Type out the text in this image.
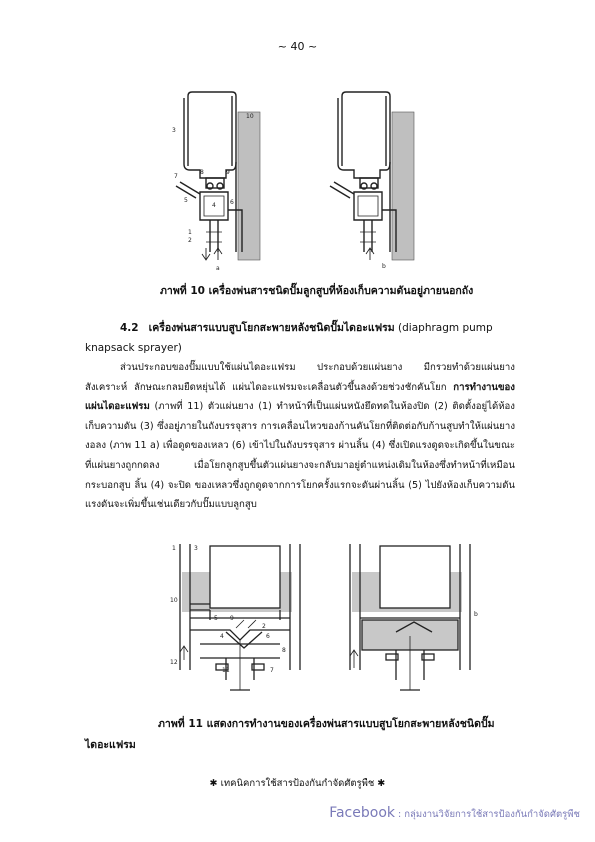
~ 40 ~
10
3
8	9
7
5	6
4
1
2
a	b
ภาพที่ 10 เครื่องพ่นสารชนิดปั๊มลูกสูบที่ห้องเก็บความดันอยู่ภายนอกถัง
4.2 เครื่องพ่นสารแบบสูบโยกสะพายหลังชนิดปั๊มไดอะแฟรม (diaphragm pump knapsack sprayer)
ส่วนประกอบของปั๊มแบบใช้แผ่นไดอะแฟรม ประกอบด้วยแผ่นยาง มีกรวยทำด้วยแผ่นยางสังเคราะห์ ลักษณะกลมยืดหยุ่นได้ แผ่นไดอะแฟรมจะเคลื่อนตัวขึ้นลงด้วยช่วงชักคันโยก การทำงานของแผ่นไดอะแฟรม (ภาพที่ 11) ตัวแผ่นยาง (1) ทำหน้าที่เป็นแผ่นหนังยึดทดในห้องปิด (2) ติดตั้งอยู่ได้ห้องเก็บความดัน (3) ซึ่งอยู่ภายในถังบรรจุสาร การเคลื่อนไหวของก้านคันโยกที่ติดต่อกับก้านสูบทำให้แผ่นยางงอลง (ภาพ 11 a) เพื่อดูดของเหลว (6) เข้าไปในถังบรรจุสาร ผ่านลิ้น (4) ซึ่งเปิดแรงดูดจะเกิดขึ้นในขณะที่แผ่นยางถูกกดลง เมื่อโยกลูกสูบขึ้นตัวแผ่นยางจะกลับมาอยู่ตำแหน่งเดิมในห้องซึ่งทำหน้าที่เหมือนกระบอกสูบ ลิ้น (4) จะปิด ของเหลวซึ่งถูกดูดจากการโยกครั้งแรกจะดันผ่านลิ้น (5) ไปยังห้องเก็บความดัน แรงดันจะเพิ่มขึ้นเช่นเดียวกับปั๊มแบบลูกสูบ
1	3
10
5 9
2
4	6
8
11
12
7
b
ภาพที่ 11 แสดงการทำงานของเครื่องพ่นสารแบบสูบโยกสะพายหลังชนิดปั๊ม
ไดอะแฟรม
✱ เทคนิคการใช้สารป้องกันกำจัดศัตรูพืช ✱
Facebook : กลุ่มงานวิจัยการใช้สารป้องกันกำจัดศัตรูพืช
